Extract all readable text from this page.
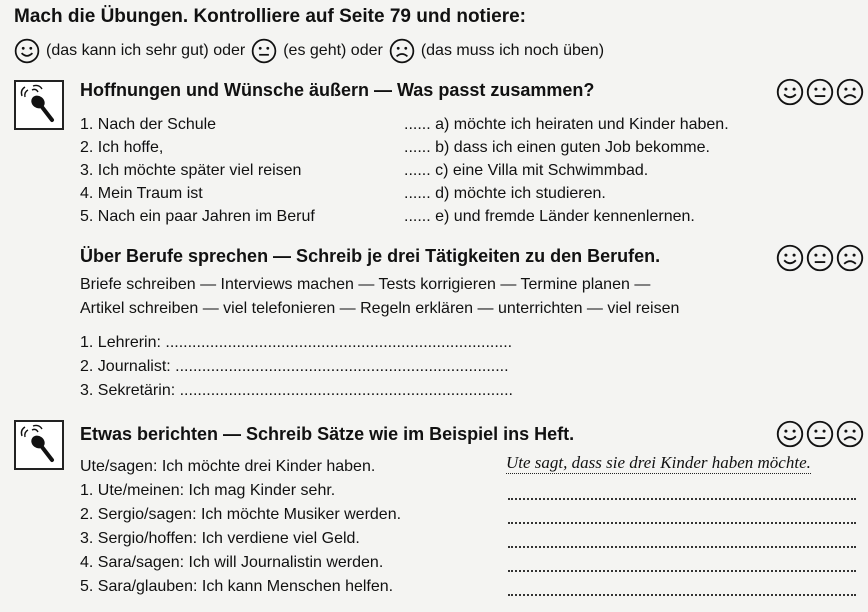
Mach die Übungen. Kontrolliere auf Seite 79 und notiere:
(das kann ich sehr gut) oder (es geht) oder (das muss ich noch üben)
Hoffnungen und Wünsche äußern — Was passt zusammen?
1. Nach der Schule
2. Ich hoffe,
3. Ich möchte später viel reisen
4. Mein Traum ist
5. Nach ein paar Jahren im Beruf
...... a) möchte ich heiraten und Kinder haben.
...... b) dass ich einen guten Job bekomme.
...... c) eine Villa mit Schwimmbad.
...... d) möchte ich studieren.
...... e) und fremde Länder kennenlernen.
Über Berufe sprechen — Schreib je drei Tätigkeiten zu den Berufen.
Briefe schreiben — Interviews machen — Tests korrigieren — Termine planen —
Artikel schreiben — viel telefonieren — Regeln erklären — unterrichten — viel reisen
1. Lehrerin: ..............................................................................
2. Journalist: ...........................................................................
3. Sekretärin: ...........................................................................
Etwas berichten — Schreib Sätze wie im Beispiel ins Heft.
Ute/sagen: Ich möchte drei Kinder haben.	Ute sagt, dass sie drei Kinder haben möchte.
1. Ute/meinen: Ich mag Kinder sehr.
2. Sergio/sagen: Ich möchte Musiker werden.
3. Sergio/hoffen: Ich verdiene viel Geld.
4. Sara/sagen: Ich will Journalistin werden.
5. Sara/glauben: Ich kann Menschen helfen.
